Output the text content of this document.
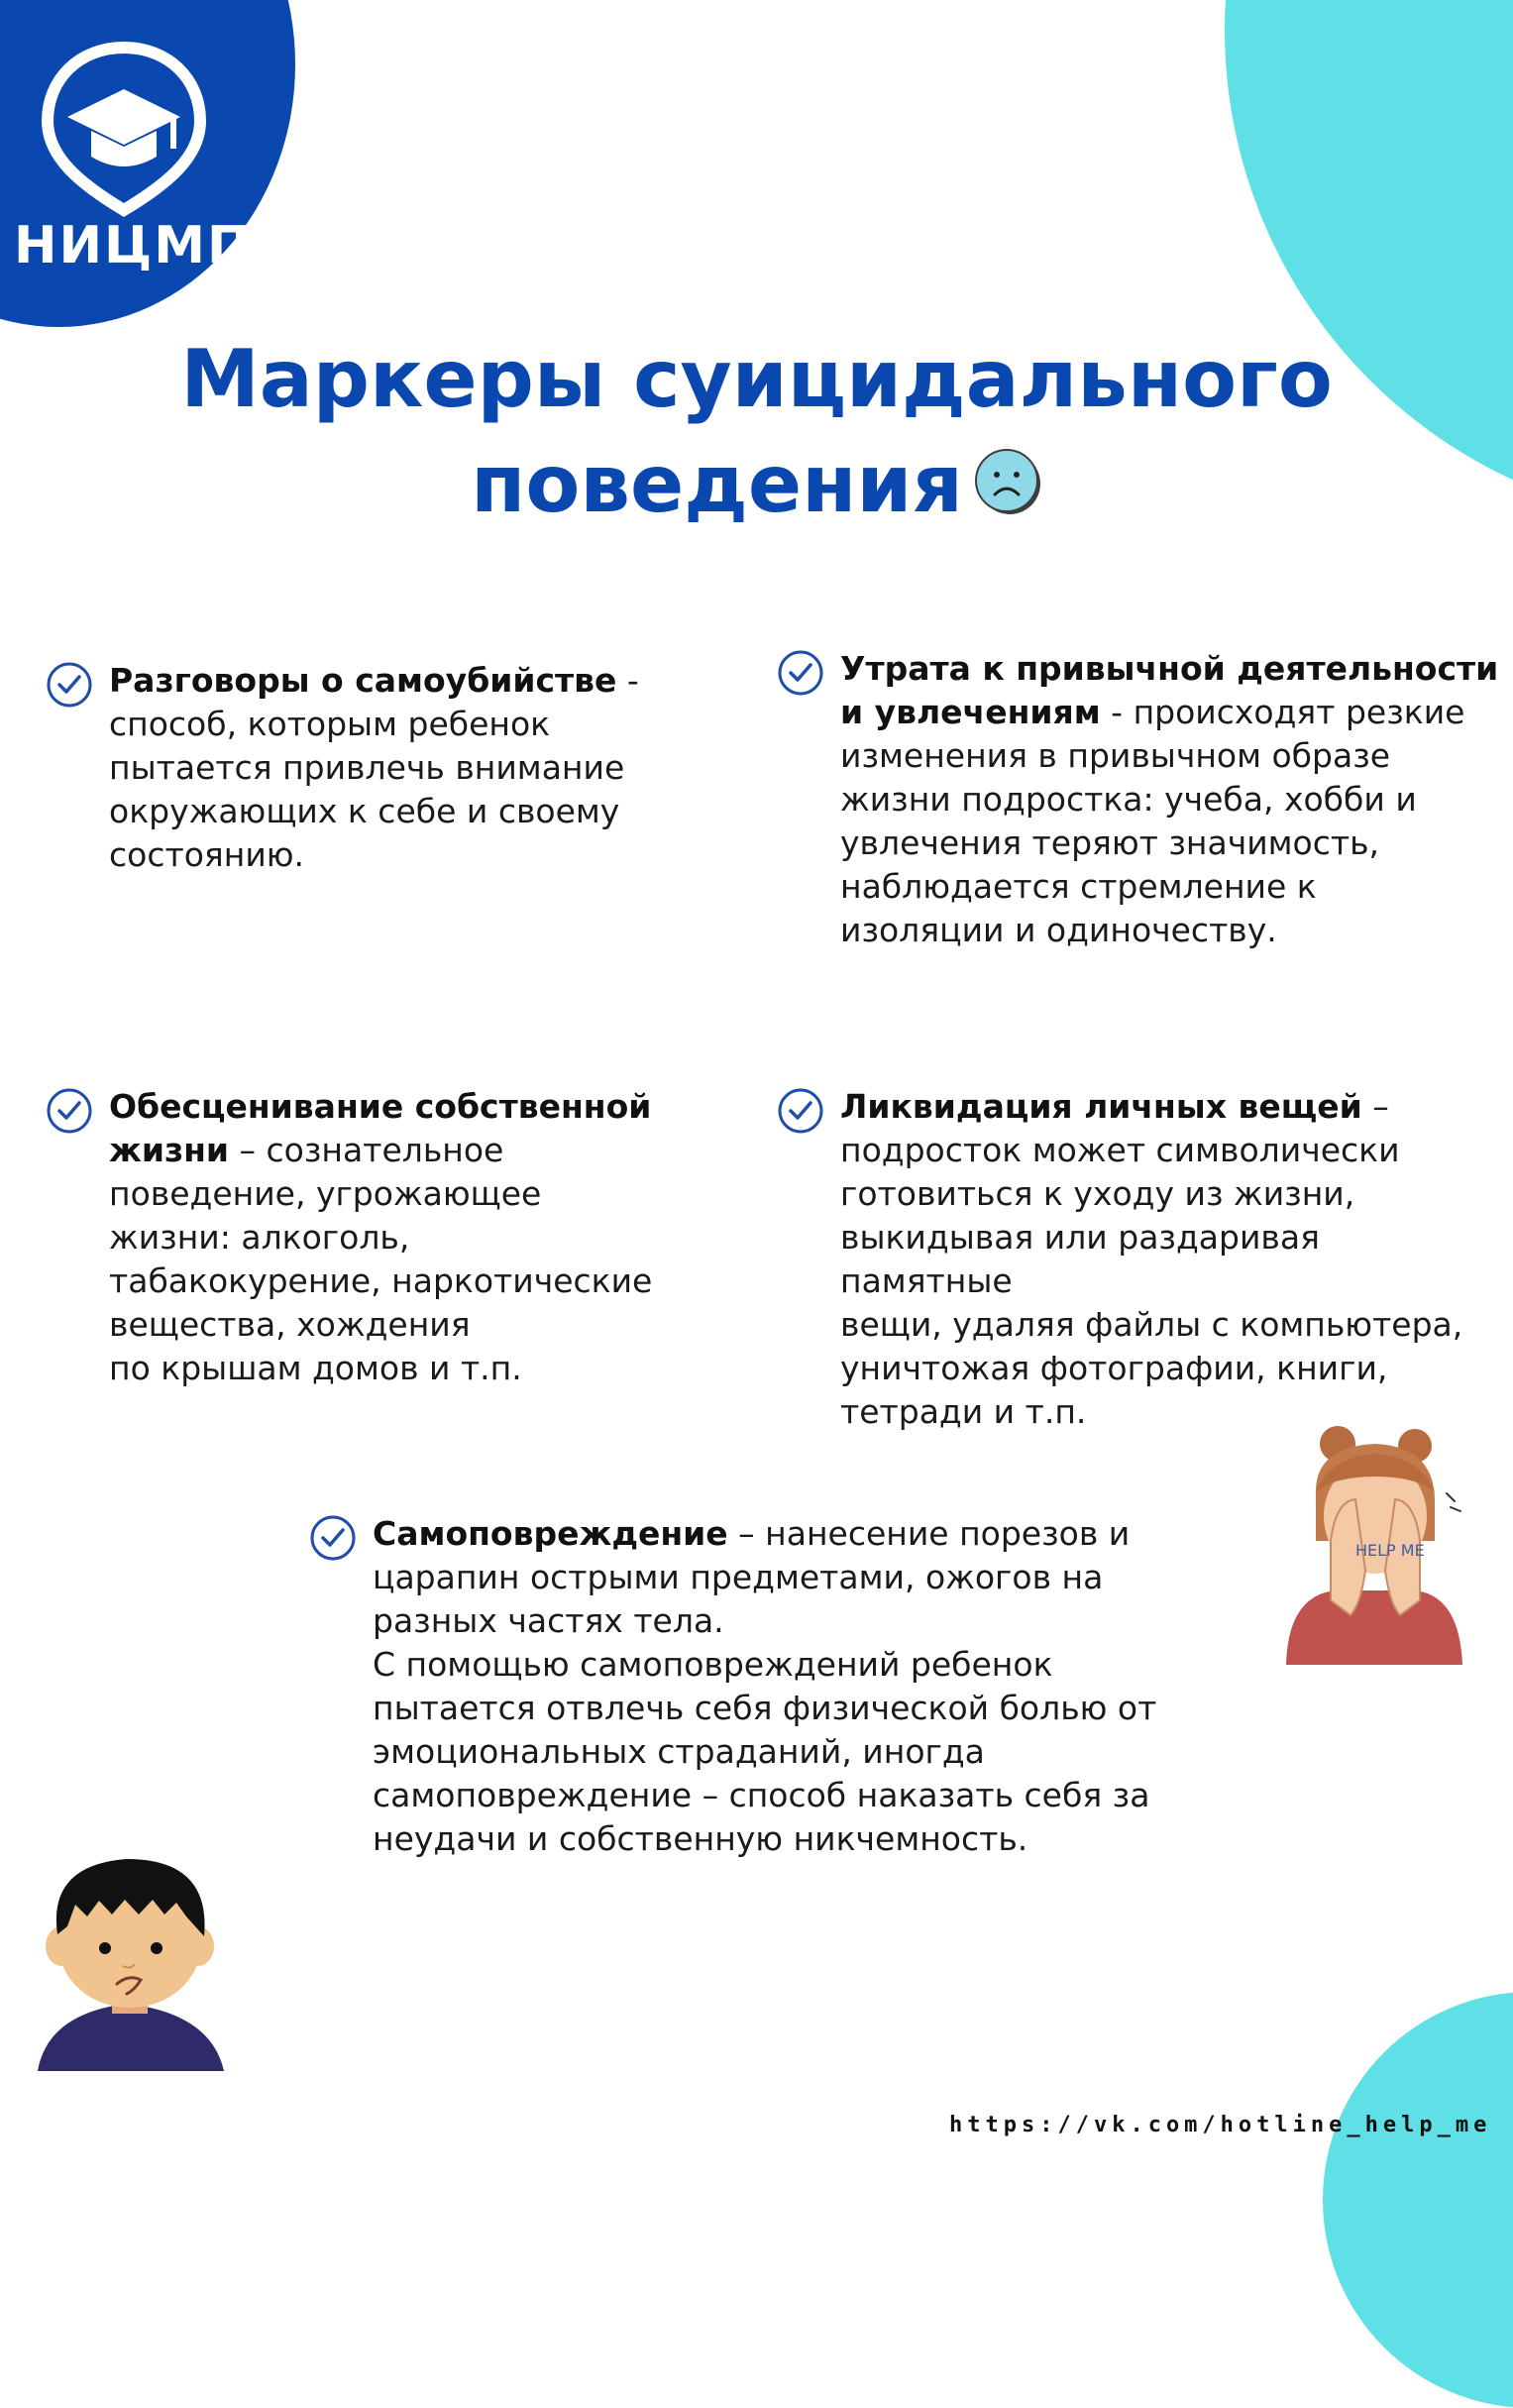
НИЦМП
Маркеры суицидального
поведения

Разговоры о самоубийстве -

способ, которым ребенок

пытается привлечь внимание

окружающих к себе и своему

состоянию.

Утрата к привычной деятельности

и увлечениям - происходят резкие

изменения в привычном образе

жизни подростка: учеба, хобби и

увлечения теряют значимость,

наблюдается стремление к

изоляции и одиночеству.

Обесценивание собственной

жизни – сознательное

поведение, угрожающее

жизни: алкоголь,

табакокурение, наркотические

вещества, хождения

по крышам домов и т.п.

Ликвидация личных вещей –

подросток может символически

готовиться к уходу из жизни,

выкидывая или раздаривая памятные

вещи, удаляя файлы с компьютера,

уничтожая фотографии, книги,

тетради и т.п.

Самоповреждение – нанесение порезов и

царапин острыми предметами, ожогов на

разных частях тела.

С помощью самоповреждений ребенок

пытается отвлечь себя физической болью от

эмоциональных страданий, иногда

самоповреждение – способ наказать себя за

неудачи и собственную никчемность.

HELP ME
https://vk.com/hotline_help_me
